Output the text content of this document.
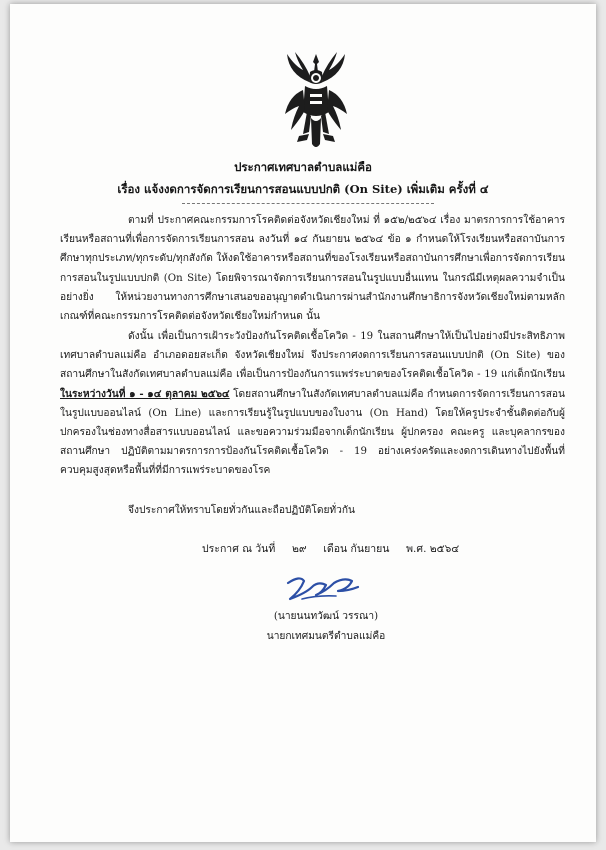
ประกาศเทศบาลตำบลแม่คือ
เรื่อง แจ้งงดการจัดการเรียนการสอนแบบปกติ (On Site) เพิ่มเติม ครั้งที่ ๔

ตามที่ ประกาศคณะกรรมการโรคติดต่อจังหวัดเชียงใหม่ ที่ ๑๕๒/๒๕๖๔ เรื่อง มาตรการการใช้อาคารเรียนหรือสถานที่เพื่อการจัดการเรียนการสอน ลงวันที่ ๑๔ กันยายน ๒๕๖๔ ข้อ ๑ กำหนดให้โรงเรียนหรือสถาบันการศึกษาทุกประเภท/ทุกระดับ/ทุกสังกัด ให้งดใช้อาคารหรือสถานที่ของโรงเรียนหรือสถาบันการศึกษาเพื่อการจัดการเรียนการสอนในรูปแบบปกติ (On Site) โดยพิจารณาจัดการเรียนการสอนในรูปแบบอื่นแทน ในกรณีมีเหตุผลความจำเป็นอย่างยิ่ง ให้หน่วยงานทางการศึกษาเสนอขออนุญาตดำเนินการผ่านสำนักงานศึกษาธิการจังหวัดเชียงใหม่ตามหลักเกณฑ์ที่คณะกรรมการโรคติดต่อจังหวัดเชียงใหม่กำหนด นั้น

ดังนั้น เพื่อเป็นการเฝ้าระวังป้องกันโรคติดเชื้อโควิด - 19 ในสถานศึกษาให้เป็นไปอย่างมีประสิทธิภาพ เทศบาลตำบลแม่คือ อำเภอดอยสะเก็ด จังหวัดเชียงใหม่ จึงประกาศงดการเรียนการสอนแบบปกติ (On Site) ของสถานศึกษาในสังกัดเทศบาลตำบลแม่คือ เพื่อเป็นการป้องกันการแพร่ระบาดของโรคติดเชื้อโควิด - 19 แก่เด็กนักเรียน ในระหว่างวันที่ ๑ - ๑๔ ตุลาคม ๒๕๖๔ โดยสถานศึกษาในสังกัดเทศบาลตำบลแม่คือ กำหนดการจัดการเรียนการสอนในรูปแบบออนไลน์ (On Line) และการเรียนรู้ในรูปแบบของใบงาน (On Hand) โดยให้ครูประจำชั้นติดต่อกับผู้ปกครองในช่องทางสื่อสารแบบออนไลน์ และขอความร่วมมือจากเด็กนักเรียน ผู้ปกครอง คณะครู และบุคลากรของสถานศึกษา ปฏิบัติตามมาตรการการป้องกันโรคติดเชื้อโควิด - 19 อย่างเคร่งครัดและงดการเดินทางไปยังพื้นที่ควบคุมสูงสุดหรือพื้นที่ที่มีการแพร่ระบาดของโรค

จึงประกาศให้ทราบโดยทั่วกันและถือปฏิบัติโดยทั่วกัน

ประกาศ ณ วันที่ ๒๙ เดือน กันยายน พ.ศ. ๒๕๖๔
(นายนนทวัฒน์ วรรณา)
นายกเทศมนตรีตำบลแม่คือ
